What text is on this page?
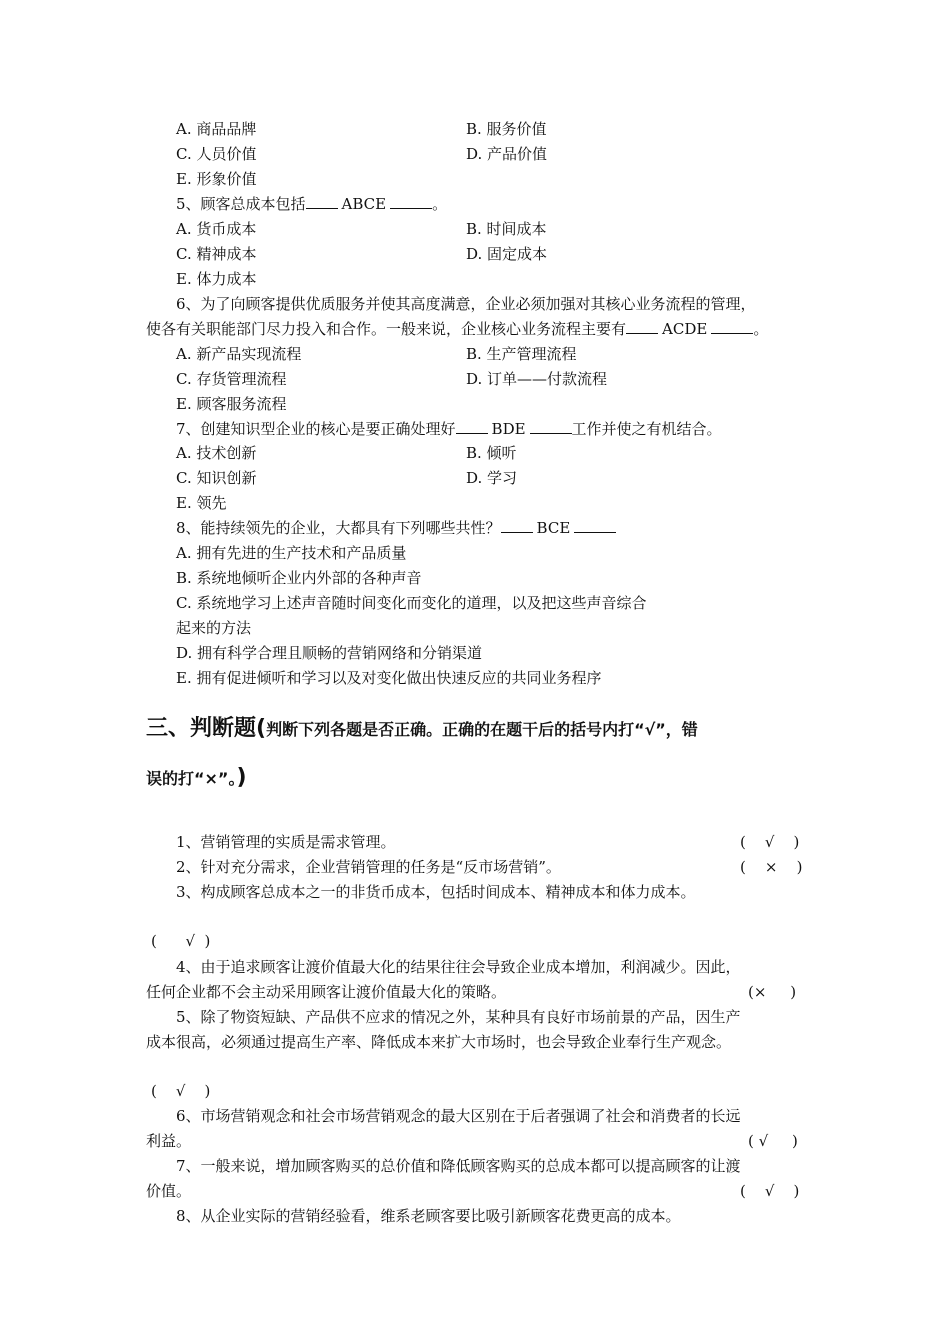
A. 商品品牌	B. 服务价值
C. 人员价值	D. 产品价值
E. 形象价值
5、顾客总成本包括 ABCE	。
A. 货币成本	B. 时间成本
C. 精神成本	D. 固定成本
E. 体力成本
6、为了向顾客提供优质服务并使其高度满意，企业必须加强对其核心业务流程的管理，
使各有关职能部门尽力投入和合作。一般来说，企业核心业务流程主要有 ACDE	。
A. 新产品实现流程	B. 生产管理流程
C. 存货管理流程	D. 订单——付款流程
E. 顾客服务流程
7、创建知识型企业的核心是要正确处理好 BDE	工作并使之有机结合。
A. 技术创新	B. 倾听
C. 知识创新	D. 学习
E. 领先
8、能持续领先的企业，大都具有下列哪些共性？ BCE
A. 拥有先进的生产技术和产品质量
B. 系统地倾听企业内外部的各种声音
C. 系统地学习上述声音随时间变化而变化的道理，以及把这些声音综合
起来的方法
D. 拥有科学合理且顺畅的营销网络和分销渠道
E. 拥有促进倾听和学习以及对变化做出快速反应的共同业务程序
三、判断题(判断下列各题是否正确。正确的在题干后的括号内打“√”，错
误的打“×”。)
1、营销管理的实质是需求管理。	(    √    )
2、针对充分需求，企业营销管理的任务是“反市场营销”。	(    ×    )
3、构成顾客总成本之一的非货币成本，包括时间成本、精神成本和体力成本。
(      √  )
4、由于追求顾客让渡价值最大化的结果往往会导致企业成本增加，利润减少。因此，
任何企业都不会主动采用顾客让渡价值最大化的策略。	(×     )
5、除了物资短缺、产品供不应求的情况之外，某种具有良好市场前景的产品，因生产
成本很高，必须通过提高生产率、降低成本来扩大市场时，也会导致企业奉行生产观念。
(    √    )
6、市场营销观念和社会市场营销观念的最大区别在于后者强调了社会和消费者的长远
利益。	( √     )
7、一般来说，增加顾客购买的总价值和降低顾客购买的总成本都可以提高顾客的让渡
价值。	(    √    )
8、从企业实际的营销经验看，维系老顾客要比吸引新顾客花费更高的成本。
